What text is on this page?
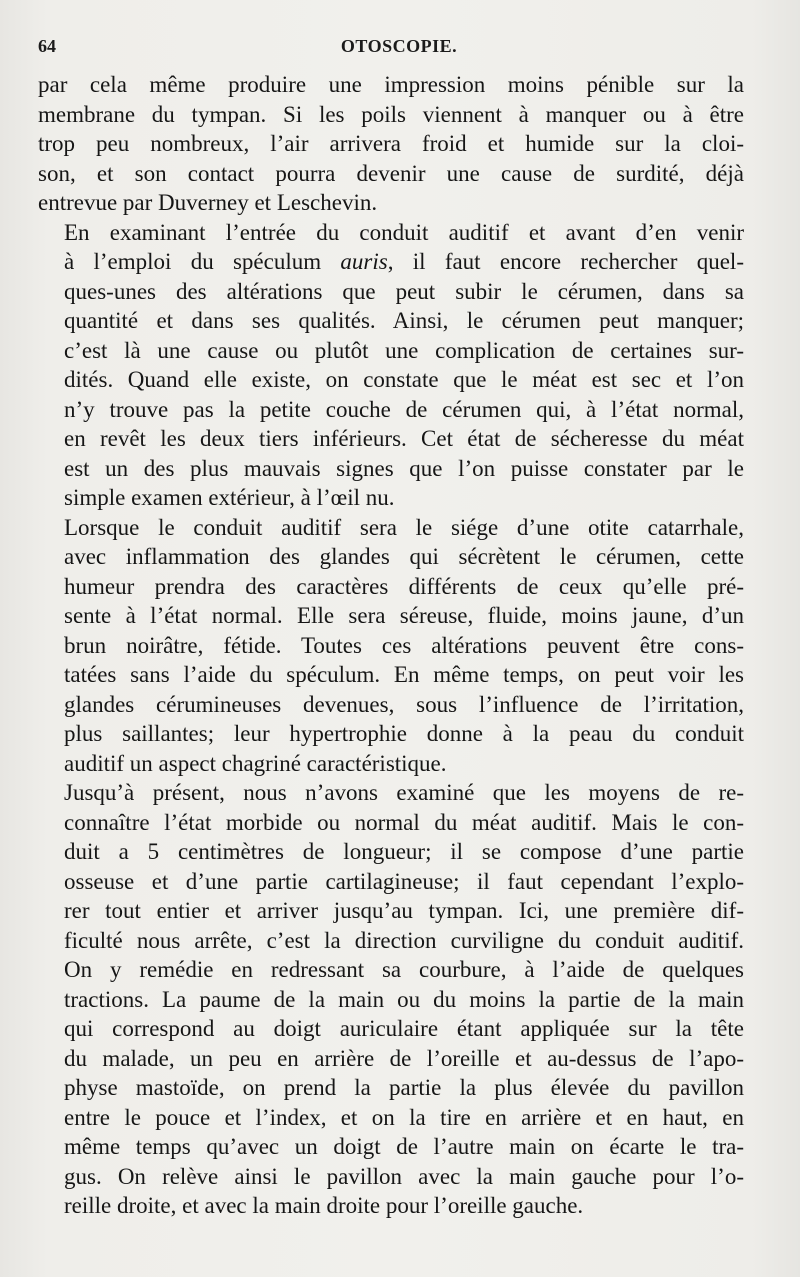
64	OTOSCOPIE.
par cela même produire une impression moins pénible sur la
membrane du tympan. Si les poils viennent à manquer ou à être
trop peu nombreux, l’air arrivera froid et humide sur la cloi-
son, et son contact pourra devenir une cause de surdité, déjà
entrevue par Duverney et Leschevin.
En examinant l’entrée du conduit auditif et avant d’en venir
à l’emploi du spéculum auris, il faut encore rechercher quel-
ques-unes des altérations que peut subir le cérumen, dans sa
quantité et dans ses qualités. Ainsi, le cérumen peut manquer;
c’est là une cause ou plutôt une complication de certaines sur-
dités. Quand elle existe, on constate que le méat est sec et l’on
n’y trouve pas la petite couche de cérumen qui, à l’état normal,
en revêt les deux tiers inférieurs. Cet état de sécheresse du méat
est un des plus mauvais signes que l’on puisse constater par le
simple examen extérieur, à l’œil nu.
Lorsque le conduit auditif sera le siége d’une otite catarrhale,
avec inflammation des glandes qui sécrètent le cérumen, cette
humeur prendra des caractères différents de ceux qu’elle pré-
sente à l’état normal. Elle sera séreuse, fluide, moins jaune, d’un
brun noirâtre, fétide. Toutes ces altérations peuvent être cons-
tatées sans l’aide du spéculum. En même temps, on peut voir les
glandes cérumineuses devenues, sous l’influence de l’irritation,
plus saillantes; leur hypertrophie donne à la peau du conduit
auditif un aspect chagriné caractéristique.
Jusqu’à présent, nous n’avons examiné que les moyens de re-
connaître l’état morbide ou normal du méat auditif. Mais le con-
duit a 5 centimètres de longueur; il se compose d’une partie
osseuse et d’une partie cartilagineuse; il faut cependant l’explo-
rer tout entier et arriver jusqu’au tympan. Ici, une première dif-
ficulté nous arrête, c’est la direction curviligne du conduit auditif.
On y remédie en redressant sa courbure, à l’aide de quelques
tractions. La paume de la main ou du moins la partie de la main
qui correspond au doigt auriculaire étant appliquée sur la tête
du malade, un peu en arrière de l’oreille et au-dessus de l’apo-
physe mastoïde, on prend la partie la plus élevée du pavillon
entre le pouce et l’index, et on la tire en arrière et en haut, en
même temps qu’avec un doigt de l’autre main on écarte le tra-
gus. On relève ainsi le pavillon avec la main gauche pour l’o-
reille droite, et avec la main droite pour l’oreille gauche.
